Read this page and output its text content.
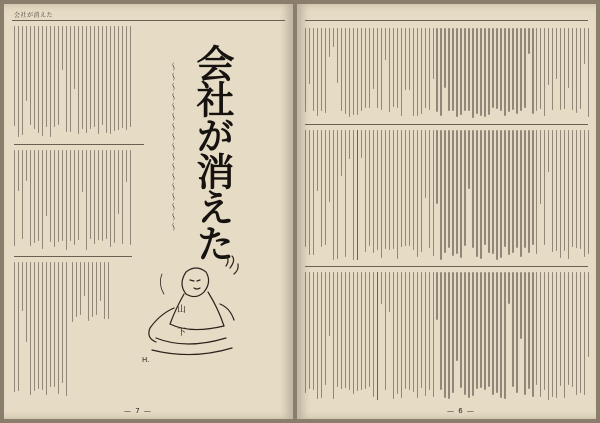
会社が消えた
〜〜〜〜〜〜〜〜〜〜〜〜〜〜〜〜〜 会社が消えた
山下
H.
— 7 —	— 6 —
